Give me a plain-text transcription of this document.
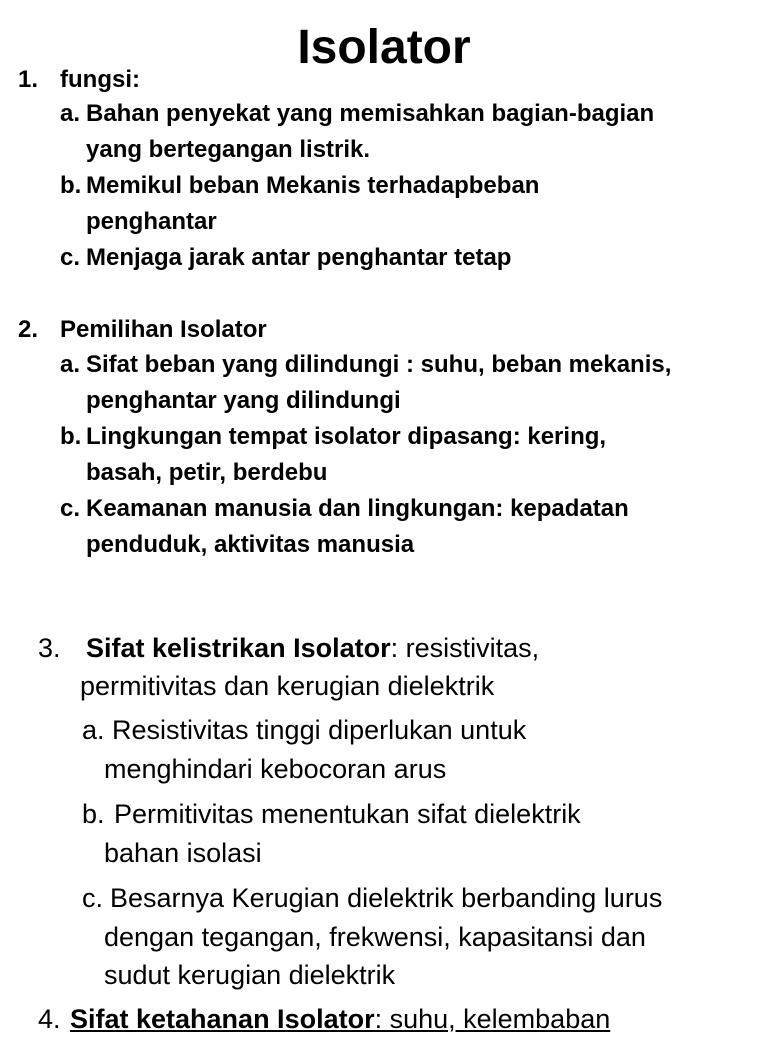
Isolator
1. fungsi:
a. Bahan penyekat yang memisahkan bagian-bagian
yang bertegangan listrik.
b. Memikul beban Mekanis terhadapbeban
penghantar
c. Menjaga jarak antar penghantar tetap
2. Pemilihan Isolator
a. Sifat beban yang dilindungi : suhu, beban mekanis,
penghantar yang dilindungi
b. Lingkungan tempat isolator dipasang: kering,
basah, petir, berdebu
c. Keamanan manusia dan lingkungan: kepadatan
penduduk, aktivitas manusia
3. Sifat kelistrikan Isolator: resistivitas,
permitivitas dan kerugian dielektrik
a. Resistivitas tinggi diperlukan untuk
menghindari kebocoran arus
b. Permitivitas menentukan sifat dielektrik
bahan isolasi
c. Besarnya Kerugian dielektrik berbanding lurus
dengan tegangan, frekwensi, kapasitansi dan
sudut kerugian dielektrik
4. Sifat ketahanan Isolator: suhu, kelembaban
